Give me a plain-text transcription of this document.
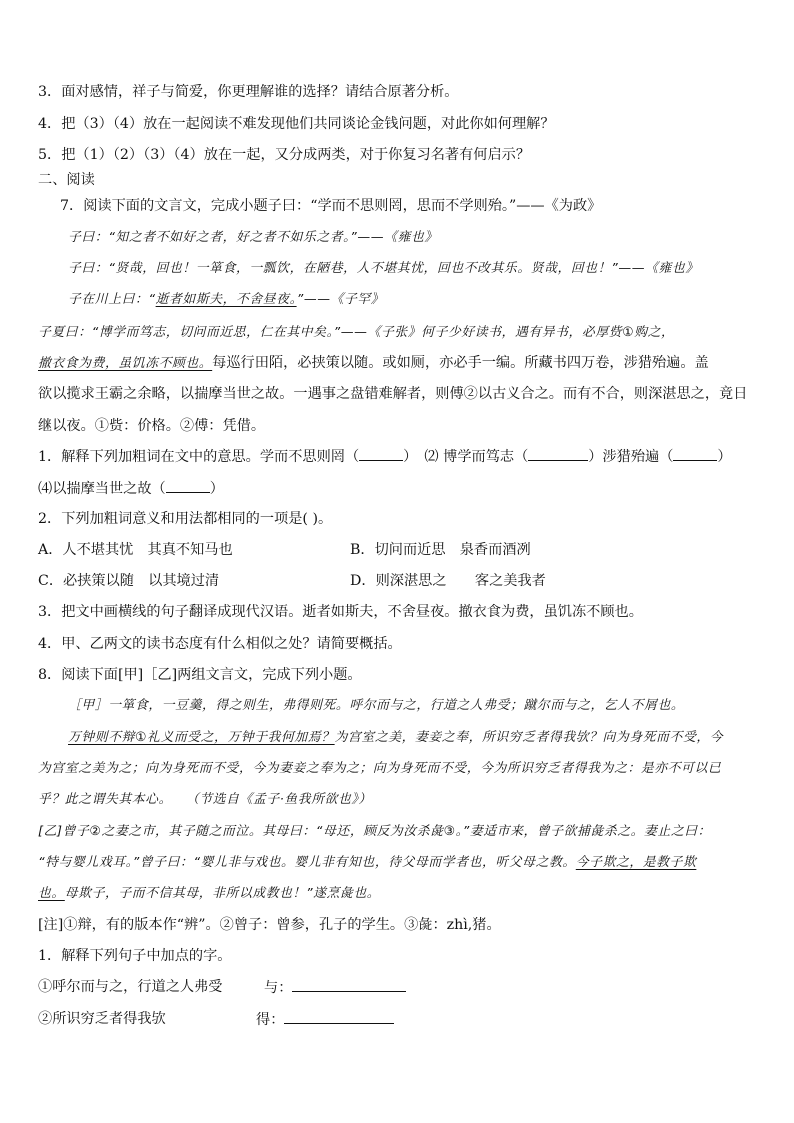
3．面对感情，祥子与简爱，你更理解谁的选择？请结合原著分析。
4．把（3）（4）放在一起阅读不难发现他们共同谈论金钱问题，对此你如何理解？
5．把（1）（2）（3）（4）放在一起，又分成两类，对于你复习名著有何启示？
二、阅读
7．阅读下面的文言文，完成小题子曰：“学而不思则罔，思而不学则殆。”——《为政》
子曰：“知之者不如好之者，好之者不如乐之者。”——《雍也》
子曰：“贤哉，回也！一箪食，一瓢饮，在陋巷，人不堪其忧，回也不改其乐。贤哉，回也！”——《雍也》
子在川上曰：“逝者如斯夫，不舍昼夜。”——《子罕》
子夏曰：“博学而笃志，切问而近思，仁在其中矣。”——《子张》何子少好读书，遇有异书，必厚赀①购之，
撤衣食为费，虽饥冻不顾也。每巡行田陌，必挟策以随。或如厕，亦必手一编。所藏书四万卷，涉猎殆遍。盖
欲以揽求王霸之余略，以揣摩当世之故。一遇事之盘错难解者，则傅②以古义合之。而有不合，则深湛思之，竟日
继以夜。①赀：价格。②傅：凭借。
1．解释下列加粗词在文中的意思。学而不思则罔（	）　⑵ 博学而笃志（	）涉猎殆遍（	）
⑷以揣摩当世之故（	）
2．下列加粗词意义和用法都相同的一项是( )。
A．人不堪其忧　其真不知马也	B．切问而近思　泉香而酒冽
C．必挟策以随　以其境过清	D．则深湛思之　　客之美我者
3．把文中画横线的句子翻译成现代汉语。逝者如斯夫，不舍昼夜。撤衣食为费，虽饥冻不顾也。
4．甲、乙两文的读书态度有什么相似之处？请简要概括。
8．阅读下面[甲]［乙]两组文言文，完成下列小题。
［甲］一箪食，一豆羹，得之则生，弗得则死。呼尔而与之，行道之人弗受；蹴尔而与之，乞人不屑也。
万钟则不辩①礼义而受之，万钟于我何加焉？为宫室之美，妻妾之奉，所识穷乏者得我欤？向为身死而不受，今
为宫室之美为之；向为身死而不受，今为妻妾之奉为之；向为身死而不受，今为所识穷乏者得我为之：是亦不可以已
乎？此之谓失其本心。　　（节选自《孟子·鱼我所欲也》）
[乙]曾子②之妻之市，其子随之而泣。其母曰：“母还，顾反为汝杀彘③。”妻适市来，曾子欲捕彘杀之。妻止之曰：
“特与婴儿戏耳。”曾子曰：“婴儿非与戏也。婴儿非有知也，待父母而学者也，听父母之教。今子欺之，是教子欺
也。母欺子，子而不信其母，非所以成教也！”遂烹彘也。
[注]①辩，有的版本作“辨”。②曾子：曾参，孔子的学生。③彘：zhì,猪。
1．解释下列句子中加点的字。
①呼尔而与之，行道之人弗受	与：
②所识穷乏者得我欤	得：
